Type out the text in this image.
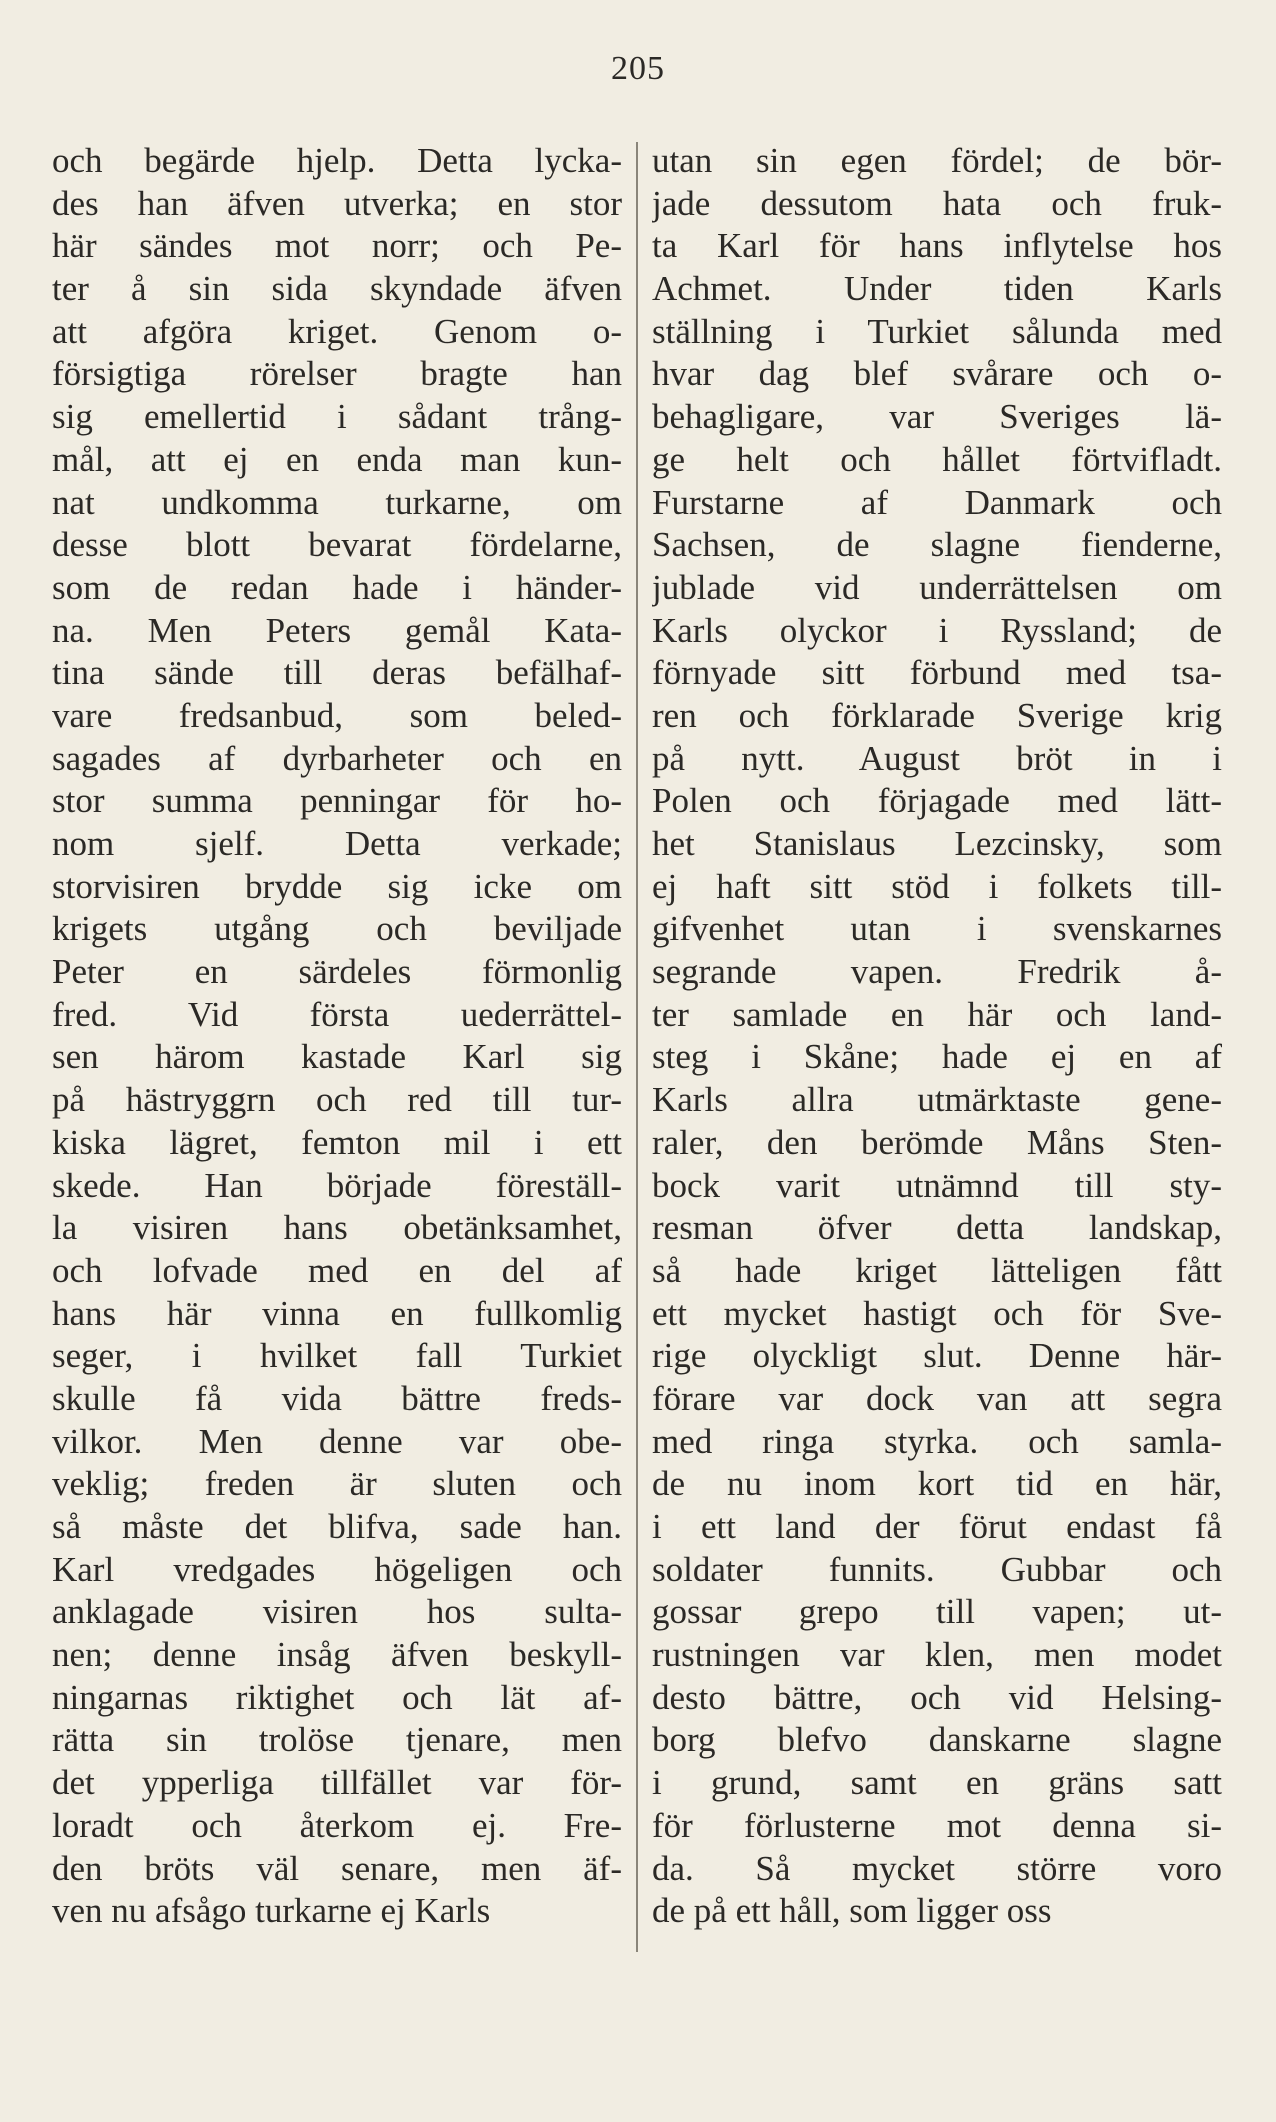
205
och begärde hjelp. Detta lycka-
des han äfven utverka; en stor
här sändes mot norr; och Pe-
ter å sin sida skyndade äfven
att afgöra kriget. Genom o-
försigtiga rörelser bragte han
sig emellertid i sådant trång-
mål, att ej en enda man kun-
nat undkomma turkarne, om
desse blott bevarat fördelarne,
som de redan hade i händer-
na. Men Peters gemål Kata-
tina sände till deras befälhaf-
vare fredsanbud, som beled-
sagades af dyrbarheter och en
stor summa penningar för ho-
nom sjelf. Detta verkade;
storvisiren brydde sig icke om
krigets utgång och beviljade
Peter en särdeles förmonlig
fred. Vid första uederrättel-
sen härom kastade Karl sig
på hästryggrn och red till tur-
kiska lägret, femton mil i ett
skede. Han började föreställ-
la visiren hans obetänksamhet,
och lofvade med en del af
hans här vinna en fullkomlig
seger, i hvilket fall Turkiet
skulle få vida bättre freds-
vilkor. Men denne var obe-
veklig; freden är sluten och
så måste det blifva, sade han.
Karl vredgades högeligen och
anklagade visiren hos sulta-
nen; denne insåg äfven beskyll-
ningarnas riktighet och lät af-
rätta sin trolöse tjenare, men
det ypperliga tillfället var för-
loradt och återkom ej. Fre-
den bröts väl senare, men äf-
ven nu afsågo turkarne ej Karls
utan sin egen fördel; de bör-
jade dessutom hata och fruk-
ta Karl för hans inflytelse hos
Achmet. Under tiden Karls
ställning i Turkiet sålunda med
hvar dag blef svårare och o-
behagligare, var Sveriges lä-
ge helt och hållet förtvifladt.
Furstarne af Danmark och
Sachsen, de slagne fienderne,
jublade vid underrättelsen om
Karls olyckor i Ryssland; de
förnyade sitt förbund med tsa-
ren och förklarade Sverige krig
på nytt. August bröt in i
Polen och förjagade med lätt-
het Stanislaus Lezcinsky, som
ej haft sitt stöd i folkets till-
gifvenhet utan i svenskarnes
segrande vapen. Fredrik å-
ter samlade en här och land-
steg i Skåne; hade ej en af
Karls allra utmärktaste gene-
raler, den berömde Måns Sten-
bock varit utnämnd till sty-
resman öfver detta landskap,
så hade kriget lätteligen fått
ett mycket hastigt och för Sve-
rige olyckligt slut. Denne här-
förare var dock van att segra
med ringa styrka. och samla-
de nu inom kort tid en här,
i ett land der förut endast få
soldater funnits. Gubbar och
gossar grepo till vapen; ut-
rustningen var klen, men modet
desto bättre, och vid Helsing-
borg blefvo danskarne slagne
i grund, samt en gräns satt
för förlusterne mot denna si-
da. Så mycket större voro
de på ett håll, som ligger oss
